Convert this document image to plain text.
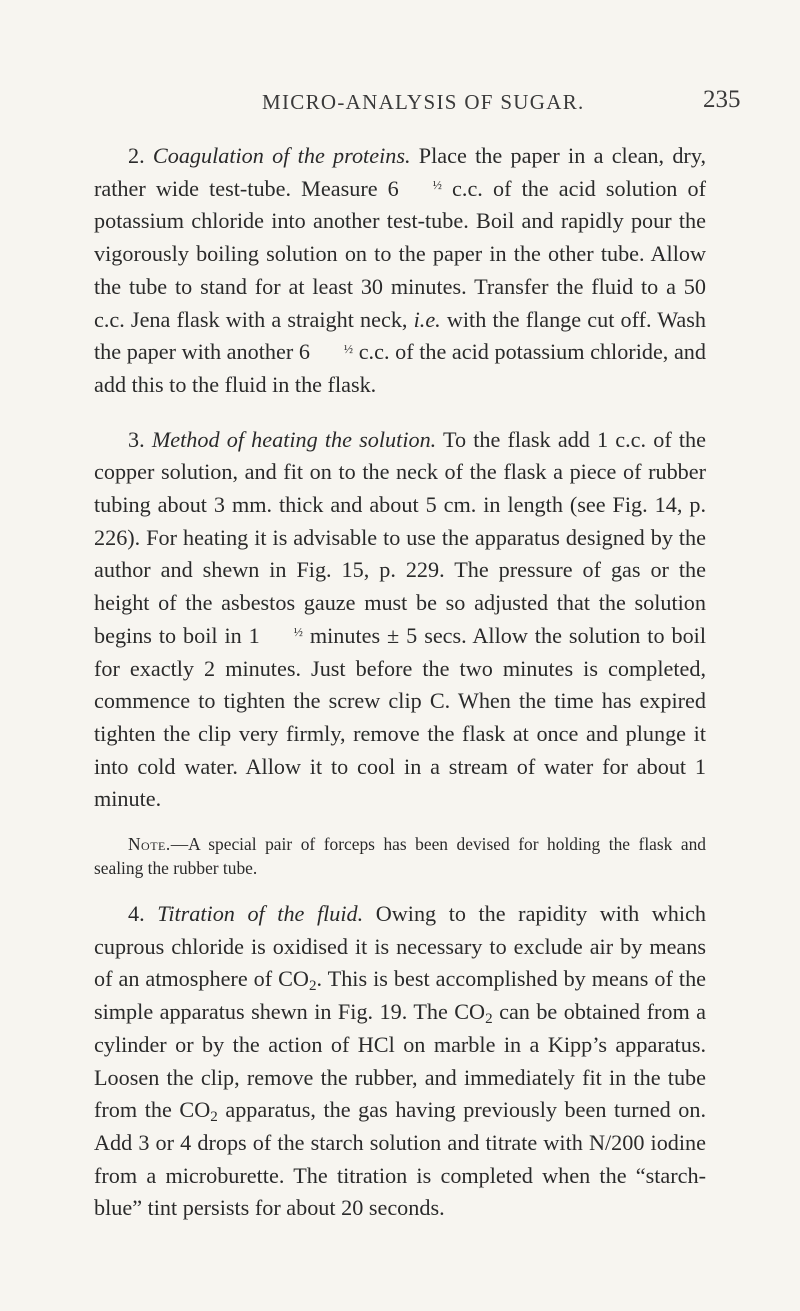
MICRO-ANALYSIS OF SUGAR.	235

2. Coagulation of the proteins. Place the paper in a clean, dry, rather wide test-tube. Measure 6	½ c.c. of the acid solution of potassium chloride into another test-tube. Boil and rapidly pour the vigorously boiling solution on to the paper in the other tube. Allow the tube to stand for at least 30 minutes. Transfer the fluid to a 50 c.c. Jena flask with a straight neck, i.e. with the flange cut off. Wash the paper with another 6	½ c.c. of the acid potassium chloride, and add this to the fluid in the flask.

3. Method of heating the solution. To the flask add 1 c.c. of the copper solution, and fit on to the neck of the flask a piece of rubber tubing about 3 mm. thick and about 5 cm. in length (see Fig. 14, p. 226). For heating it is advisable to use the apparatus designed by the author and shewn in Fig. 15, p. 229. The pressure of gas or the height of the asbestos gauze must be so adjusted that the solution begins to boil in 1	½ minutes ± 5 secs. Allow the solution to boil for exactly 2 minutes. Just before the two minutes is completed, commence to tighten the screw clip C. When the time has expired tighten the clip very firmly, remove the flask at once and plunge it into cold water. Allow it to cool in a stream of water for about 1 minute.

Note.—A special pair of forceps has been devised for holding the flask and sealing the rubber tube.

4. Titration of the fluid. Owing to the rapidity with which cuprous chloride is oxidised it is necessary to exclude air by means of an atmosphere of $CO_2$. This is best accomplished by means of the simple apparatus shewn in Fig. 19. The $CO_2$ can be obtained from a cylinder or by the action of HCl on marble in a Kipp’s apparatus. Loosen the clip, remove the rubber, and immediately fit in the tube from the $CO_2$ apparatus, the gas having previously been turned on. Add 3 or 4 drops of the starch solution and titrate with N/200 iodine from a microburette. The titration is completed when the “starch-blue” tint persists for about 20 seconds.
